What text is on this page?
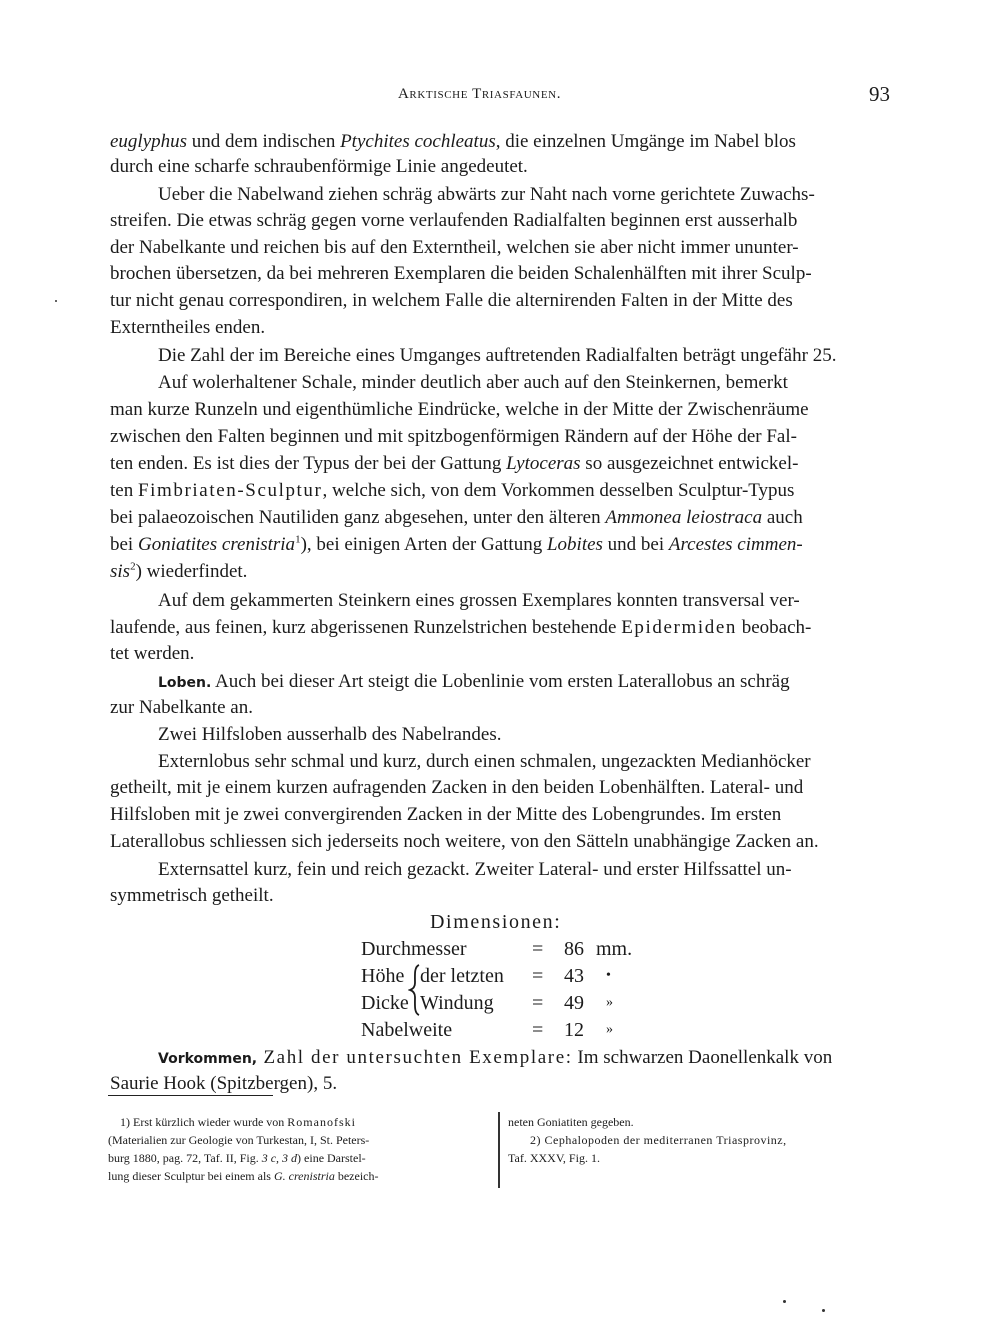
Arktische Triasfaunen.	93
euglyphus und dem indischen Ptychites cochleatus, die einzelnen Umgänge im Nabel blos
durch eine scharfe schraubenförmige Linie angedeutet.
Ueber die Nabelwand ziehen schräg abwärts zur Naht nach vorne gerichtete Zuwachs-
streifen. Die etwas schräg gegen vorne verlaufenden Radialfalten beginnen erst ausserhalb
der Nabelkante und reichen bis auf den Externtheil, welchen sie aber nicht immer ununter-
brochen übersetzen, da bei mehreren Exemplaren die beiden Schalenhälften mit ihrer Sculp-
tur nicht genau correspondiren, in welchem Falle die alternirenden Falten in der Mitte des
Externtheiles enden.
Die Zahl der im Bereiche eines Umganges auftretenden Radialfalten beträgt ungefähr 25.
Auf wolerhaltener Schale, minder deutlich aber auch auf den Steinkernen, bemerkt
man kurze Runzeln und eigenthümliche Eindrücke, welche in der Mitte der Zwischenräume
zwischen den Falten beginnen und mit spitzbogenförmigen Rändern auf der Höhe der Fal-
ten enden. Es ist dies der Typus der bei der Gattung Lytoceras so ausgezeichnet entwickel-
ten Fimbriaten-Sculptur, welche sich, von dem Vorkommen desselben Sculptur-Typus
bei palaeozoischen Nautiliden ganz abgesehen, unter den älteren Ammonea leiostraca auch
bei Goniatites crenistria$^1$), bei einigen Arten der Gattung Lobites und bei Arcestes cimmen-
sis$^2$) wiederfindet.
Auf dem gekammerten Steinkern eines grossen Exemplares konnten transversal ver-
laufende, aus feinen, kurz abgerissenen Runzelstrichen bestehende Epidermiden beobach-
tet werden.
Loben. Auch bei dieser Art steigt die Lobenlinie vom ersten Laterallobus an schräg
zur Nabelkante an.
Zwei Hilfsloben ausserhalb des Nabelrandes.
Externlobus sehr schmal und kurz, durch einen schmalen, ungezackten Medianhöcker
getheilt, mit je einem kurzen aufragenden Zacken in den beiden Lobenhälften. Lateral- und
Hilfsloben mit je zwei convergirenden Zacken in der Mitte des Lobengrundes. Im ersten
Laterallobus schliessen sich jederseits noch weitere, von den Sätteln unabhängige Zacken an.
Externsattel kurz, fein und reich gezackt. Zweiter Lateral- und erster Hilfssattel un-
symmetrisch getheilt.
Dimensionen:
Durchmesser	= 86 mm.
Höhe der letzten = 43 •
Dicke Windung = 49 »
Nabelweite	= 12 »
Vorkommen, Zahl der untersuchten Exemplare: Im schwarzen Daonellenkalk von
Saurie Hook (Spitzbergen), 5.
1) Erst kürzlich wieder wurde von Romanofski
(Materialien zur Geologie von Turkestan, I, St. Peters-
burg 1880, pag. 72, Taf. II, Fig. 3 c, 3 d) eine Darstel-
lung dieser Sculptur bei einem als G. crenistria bezeich-
neten Goniatiten gegeben.
2) Cephalopoden der mediterranen Triasprovinz,
Taf. XXXV, Fig. 1.
